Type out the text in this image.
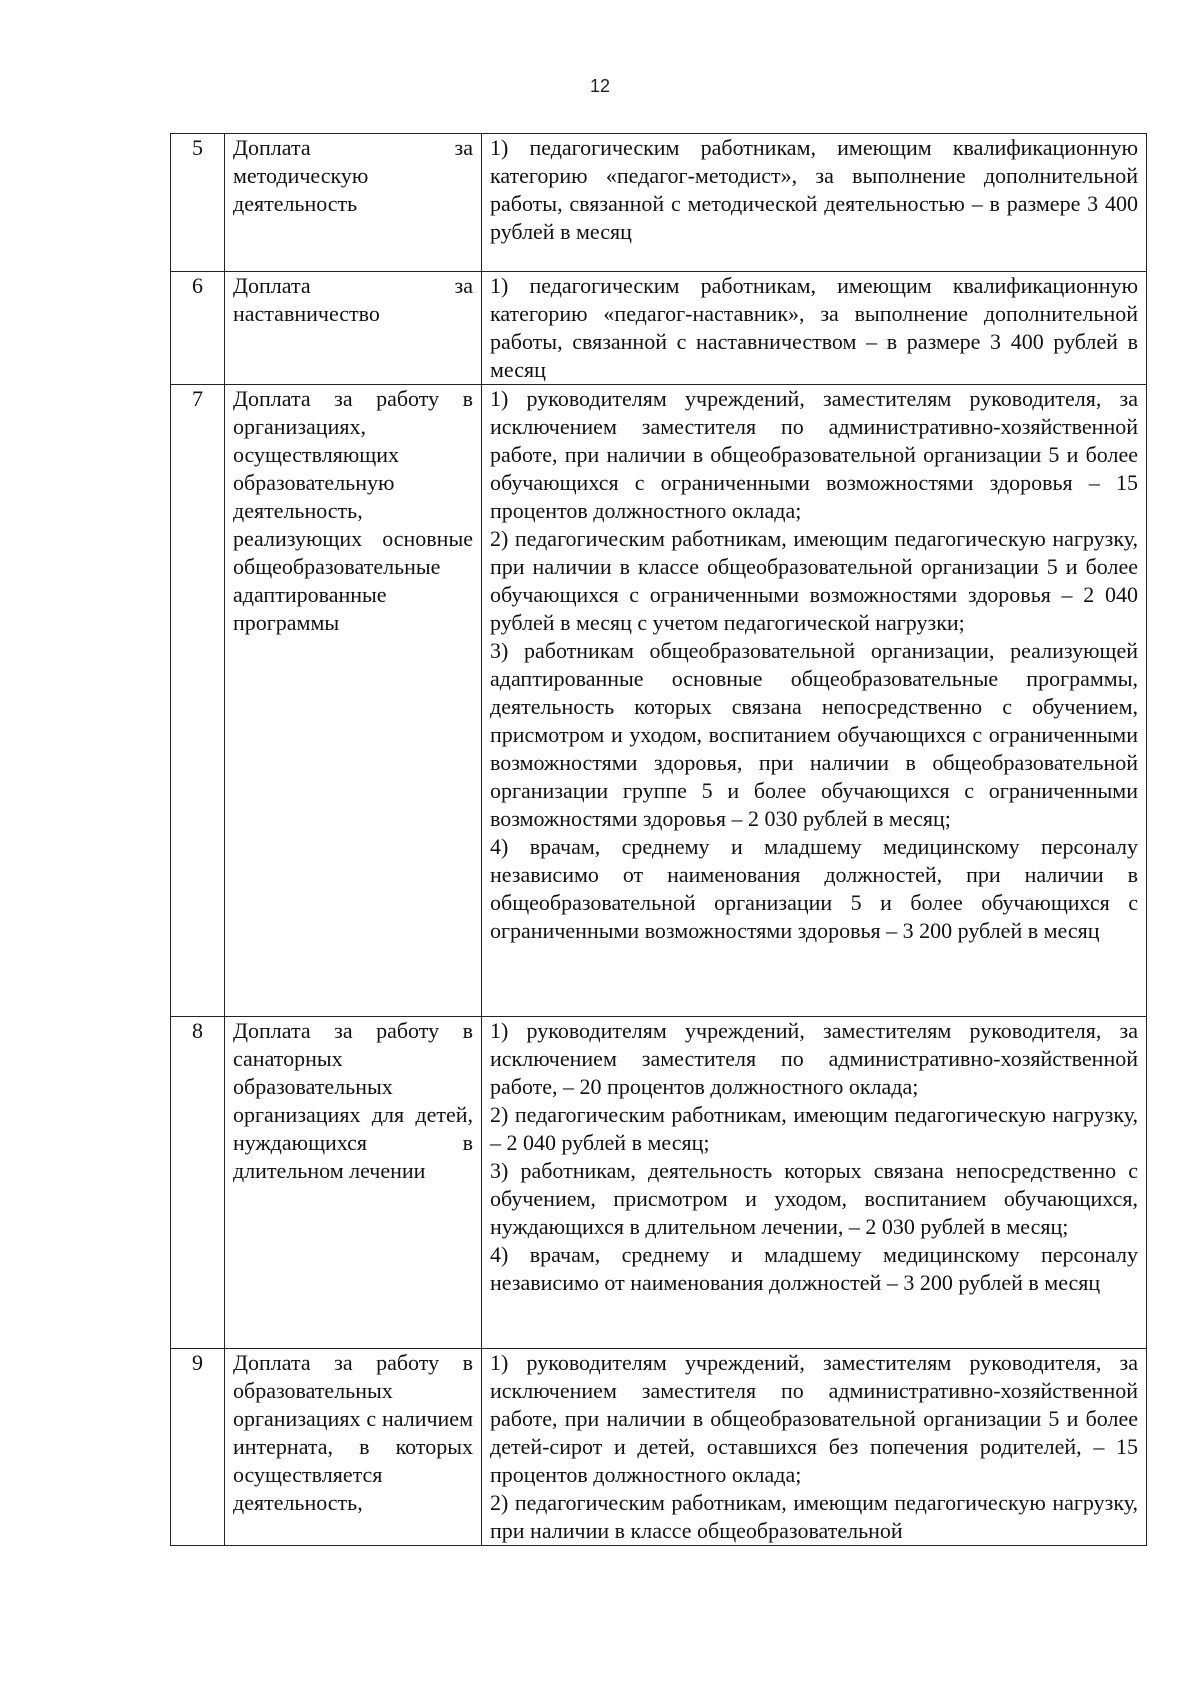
12
5	Доплата за методическую деятельность	1) педагогическим работникам, имеющим квалификационную категорию «педагог-методист», за выполнение дополнительной работы, связанной с методической деятельностью – в размере 3 400 рублей в месяц

6	Доплата за наставничество	1) педагогическим работникам, имеющим квалификационную категорию «педагог-наставник», за выполнение дополнительной работы, связанной с наставничеством – в размере 3 400 рублей в месяц

7	Доплата за работу в организациях, осуществляющих образовательную деятельность, реализующих основные общеобразовательные адаптированные программы	1) руководителям учреждений, заместителям руководителя, за исключением заместителя по административно-хозяйственной работе, при наличии в общеобразовательной организации 5 и более обучающихся с ограниченными возможностями здоровья – 15 процентов должностного оклада;

2) педагогическим работникам, имеющим педагогическую нагрузку, при наличии в классе общеобразовательной организации 5 и более обучающихся с ограниченными возможностями здоровья – 2 040 рублей в месяц с учетом педагогической нагрузки;

3) работникам общеобразовательной организации, реализующей адаптированные основные общеобразовательные программы, деятельность которых связана непосредственно с обучением, присмотром и уходом, воспитанием обучающихся с ограниченными возможностями здоровья, при наличии в общеобразовательной организации группе 5 и более обучающихся с ограниченными возможностями здоровья – 2 030 рублей в месяц;

4) врачам, среднему и младшему медицинскому персоналу независимо от наименования должностей, при наличии в общеобразовательной организации 5 и более обучающихся с ограниченными возможностями здоровья – 3 200 рублей в месяц

8	Доплата за работу в санаторных образовательных организациях для детей, нуждающихся в длительном лечении	1) руководителям учреждений, заместителям руководителя, за исключением заместителя по административно-хозяйственной работе, – 20 процентов должностного оклада;

2) педагогическим работникам, имеющим педагогическую нагрузку, – 2 040 рублей в месяц;

3) работникам, деятельность которых связана непосредственно с обучением, присмотром и уходом, воспитанием обучающихся, нуждающихся в длительном лечении, – 2 030 рублей в месяц;

4) врачам, среднему и младшему медицинскому персоналу независимо от наименования должностей – 3 200 рублей в месяц

9	Доплата за работу в образовательных организациях с наличием интерната, в которых осуществляется деятельность,	1) руководителям учреждений, заместителям руководителя, за исключением заместителя по административно-хозяйственной работе, при наличии в общеобразовательной организации 5 и более детей-сирот и детей, оставшихся без попечения родителей, – 15 процентов должностного оклада;

2) педагогическим работникам, имеющим педагогическую нагрузку, при наличии в классе общеобразовательной
